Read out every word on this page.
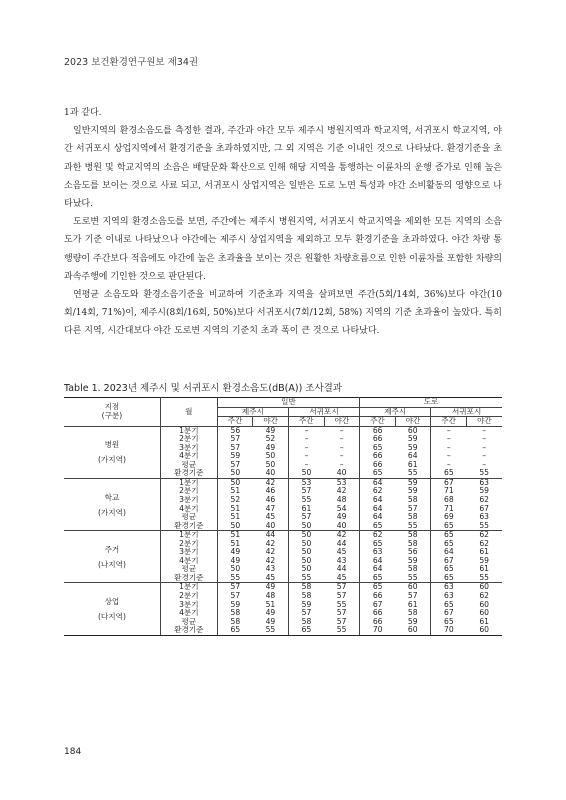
2023 보건환경연구원보 제34권

1과 같다.

일반지역의 환경소음도를 측정한 결과, 주간과 야간 모두 제주시 병원지역과 학교지역, 서귀포시 학교지역, 야간 서귀포시 상업지역에서 환경기준을 초과하였지만, 그 외 지역은 기준 이내인 것으로 나타났다. 환경기준을 초과한 병원 및 학교지역의 소음은 배달문화 확산으로 인해 해당 지역을 통행하는 이륜차의 운행 증가로 인해 높은 소음도를 보이는 것으로 사료 되고, 서귀포시 상업지역은 일반은 도로 노면 특성과 야간 소비활동의 영향으로 나타났다.

도로변 지역의 환경소음도를 보면, 주간에는 제주시 병원지역, 서귀포시 학교지역을 제외한 모든 지역의 소음도가 기준 이내로 나타났으나 야간에는 제주시 상업지역을 제외하고 모두 환경기준을 초과하였다. 야간 차량 통행량이 주간보다 적음에도 야간에 높은 초과율을 보이는 것은 원활한 차량흐름으로 인한 이륜차를 포함한 차량의 과속주행에 기인한 것으로 판단된다.

연평균 소음도와 환경소음기준을 비교하여 기준초과 지역을 살펴보면 주간(5회/14회, 36%)보다 야간(10회/14회, 71%)이, 제주시(8회/16회, 50%)보다 서귀포시(7회/12회, 58%) 지역의 기준 초과율이 높았다. 특히 다른 지역, 시간대보다 야간 도로변 지역의 기준치 초과 폭이 큰 것으로 나타났다.

Table 1. 2023년 제주시 및 서귀포시 환경소음도(dB(A)) 조사결과
지점
(구분)	월	일반				도로			
		제주시		서귀포시		제주시		서귀포시	
		주간	야간	주간	야간	주간	야간	주간	야간
병원
(가지역)	1분기	56	49	–	–	66	60	–	–
	2분기	57	52	–	–	66	59	–	–
	3분기	57	49	–	–	65	59	–	–
	4분기	59	50	–	–	66	64	–	–
	평균	57	50	–	–	66	61	–	–
	환경기준	50	40	50	40	65	55	65	55
학교
(가지역)	1분기	50	42	53	53	64	59	67	63
	2분기	51	46	57	42	62	59	71	59
	3분기	52	46	55	48	64	58	68	62
	4분기	51	47	61	54	64	57	71	67
	평균	51	45	57	49	64	58	69	63
	환경기준	50	40	50	40	65	55	65	55
주거
(나지역)	1분기	51	44	50	42	62	58	65	62
	2분기	51	42	50	44	65	58	65	62
	3분기	49	42	50	45	63	56	64	61
	4분기	49	42	50	43	64	59	67	59
	평균	50	43	50	44	64	58	65	61
	환경기준	55	45	55	45	65	55	65	55
상업
(다지역)	1분기	57	49	58	57	65	60	63	60
	2분기	57	48	58	57	66	57	63	62
	3분기	59	51	59	55	67	61	65	60
	4분기	58	49	57	57	66	58	67	60
	평균	58	49	58	57	66	59	65	61
	환경기준	65	55	65	55	70	60	70	60
184
